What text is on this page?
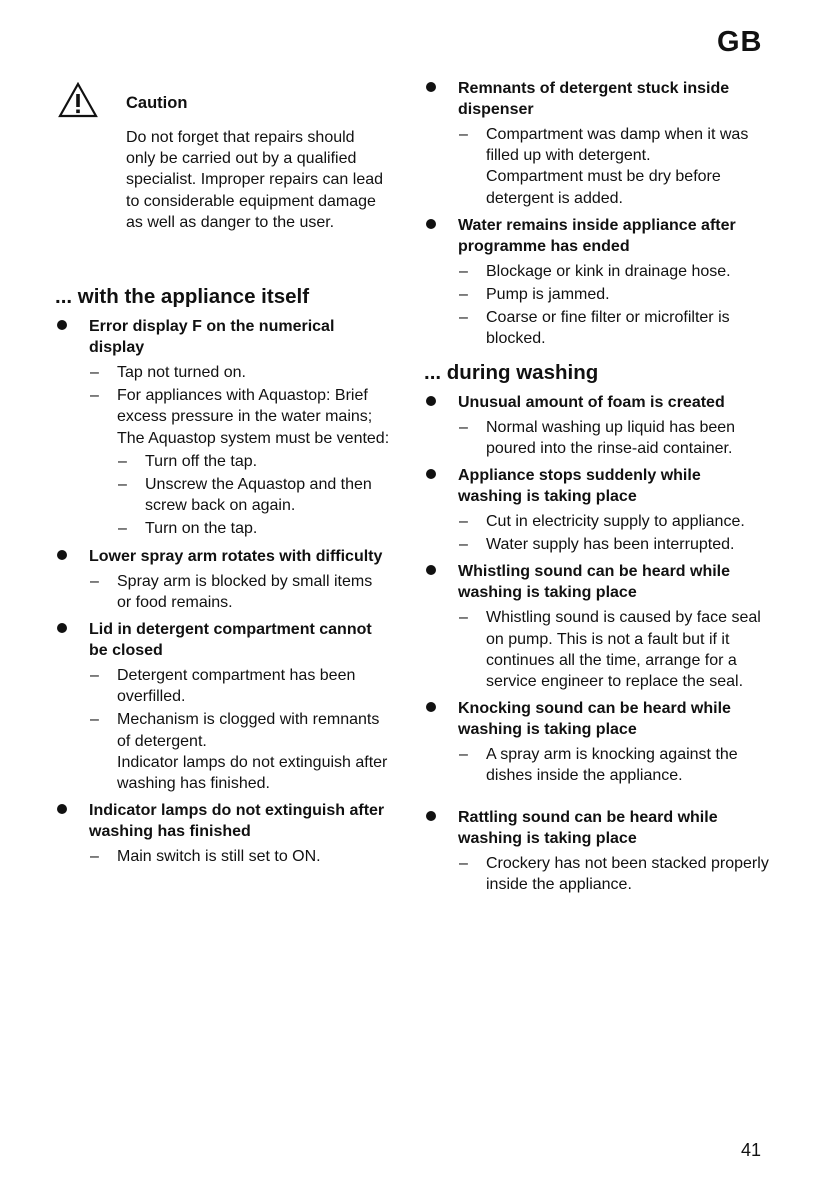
GB
Caution
Do not forget that repairs should only be carried out by a qualified specialist. Improper repairs can lead to considerable equipment damage as well as danger to the user.
... with the appliance itself
Error display F on the numerical display
– Tap not turned on.
– For appliances with Aquastop: Brief excess pressure in the water mains;
The Aquastop system must be vented:
– Turn off the tap.
– Unscrew the Aquastop and then screw back on again.
– Turn on the tap.
Lower spray arm rotates with difficulty
– Spray arm is blocked by small items or food remains.
Lid in detergent compartment cannot be closed
– Detergent compartment has been overfilled.
– Mechanism is clogged with remnants of detergent.
Indicator lamps do not extinguish after washing has finished.
Indicator lamps do not extinguish after washing has finished
– Main switch is still set to ON.
Remnants of detergent stuck inside dispenser
– Compartment was damp when it was filled up with detergent.
Compartment must be dry before detergent is added.
Water remains inside appliance after programme has ended
– Blockage or kink in drainage hose.
– Pump is jammed.
– Coarse or fine filter or microfilter is blocked.
... during washing
Unusual amount of foam is created
– Normal washing up liquid has been poured into the rinse-aid container.
Appliance stops suddenly while washing is taking place
– Cut in electricity supply to appliance.
– Water supply has been interrupted.
Whistling sound can be heard while washing is taking place
– Whistling sound is caused by face seal on pump. This is not a fault but if it continues all the time, arrange for a service engineer to replace the seal.
Knocking sound can be heard while washing is taking place
– A spray arm is knocking against the dishes inside the appliance.
Rattling sound can be heard while washing is taking place
– Crockery has not been stacked properly inside the appliance.
41
